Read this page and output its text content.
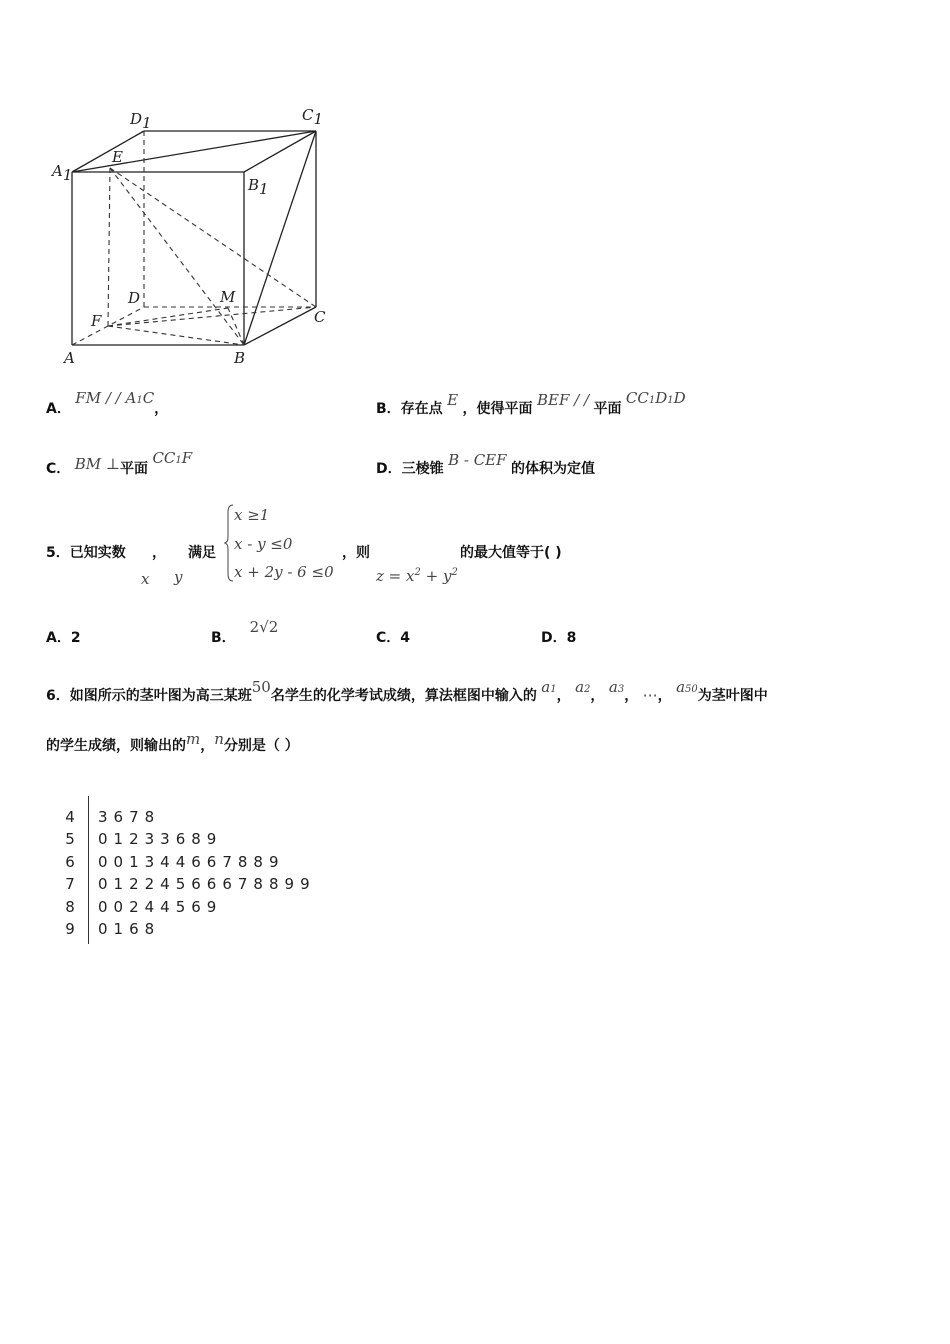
D1	C1
A1
B1
E
D	M
F	C
A	B
A． FM / / A1C，	B．存在点 E ，使得平面 BEF / / 平面 CC1D1D
C． BM ⊥平面 CC1F
D．三棱锥 B - CEF 的体积为定值
5．已知实数 ， 满足
x y
x ≥1
x - y ≤0
x + 2y - 6 ≤0
，则
$z = x^2 + y^2$
的最大值等于( )
A．2	B．2√2
C．4	D．8
6．如图所示的茎叶图为高三某班50名学生的化学考试成绩，算法框图中输入的 a1， a2， a3， ⋯， a50为茎叶图中
的学生成绩，则输出的m，n分别是（ ）
4	3678
5	01233689
6	001344667889
7	01224566678899
8	00244569
9	0168
